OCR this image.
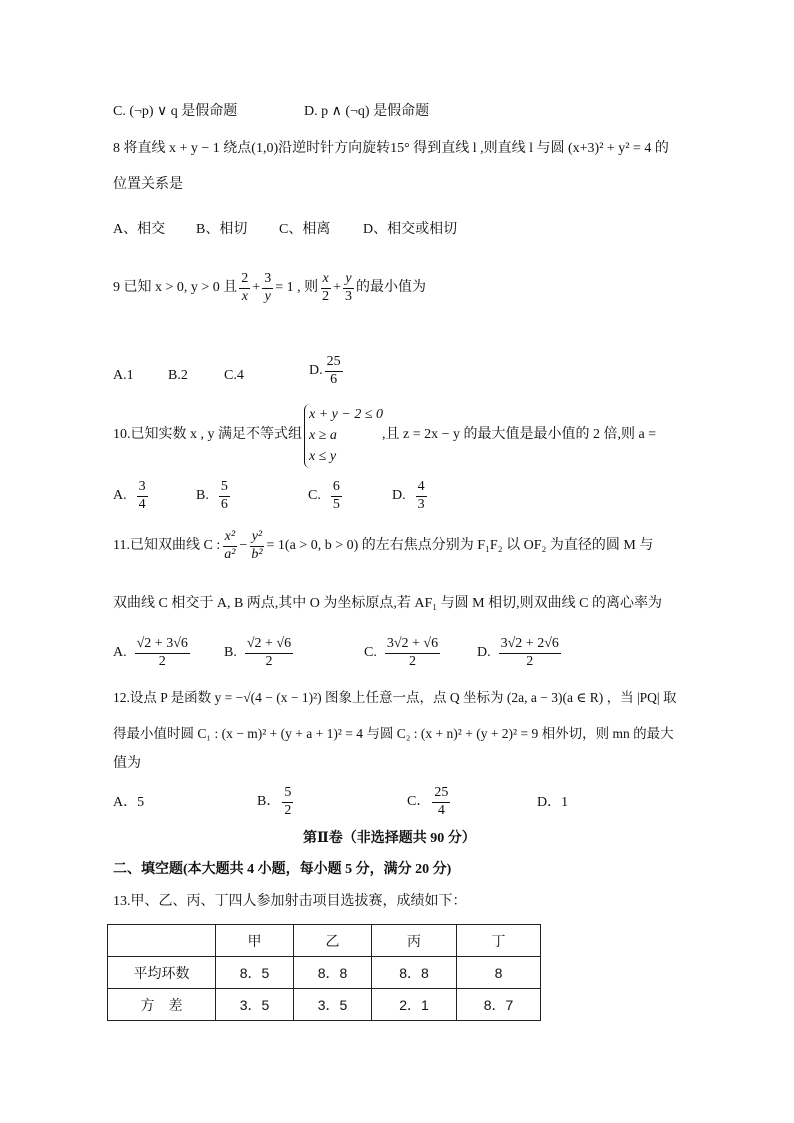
C. (¬p) ∨ q 是假命题	D. p ∧ (¬q) 是假命题
8 将直线 x + y − 1 绕点(1,0)沿逆时针方向旋转15° 得到直线 l ,则直线 l 与圆 (x+3)² + y² = 4 的
位置关系是
A、相交 B、相切 C、相离 D、相交或相切
9 已知 x > 0, y > 0 且 $\frac{2}{x} + \frac{3}{y} = 1$ , 则 $\frac{x}{2} + \frac{y}{3}$ 的最小值为
A.1 B.2	C.4	D. $\frac{25}{6}$
10.已知实数 x , y 满足不等式组
x + y − 2 ≤ 0
x ≥ a
x ≤ y
,且 z = 2x − y 的最大值是最小值的 2 倍,则 a =
A. $\frac{3}{4}$	B. $\frac{5}{6}$	C. $\frac{6}{5}$	D. $\frac{4}{3}$
11.已知双曲线 C : $\frac{\text{x²}}{\text{a²}} - \frac{\text{y²}}{\text{b²}} = 1(a > 0$, b > 0) 的左右焦点分别为 F₁F₂ 以 OF₂ 为直径的圆 M 与
双曲线 C 相交于 A, B 两点,其中 O 为坐标原点,若 AF₁ 与圆 M 相切,则双曲线 C 的离心率为
A. $\frac{√2 + 3√6}{2} B$. $\frac{√2 + √6}{2}$	C. $\frac{3√2 + √6}{2}$	D. $\frac{3√2 + 2√6}{2}$
12.设点 P 是函数 y = −√(4 − (x − 1)²) 图象上任意一点，点 Q 坐标为 (2a, a − 3)(a ∈ R) ，当 |PQ| 取
得最小值时圆 C₁ : (x − m)² + (y + a + 1)² = 4 与圆 C₂ : (x + n)² + (y + 2)² = 9 相外切，则 mn 的最大
值为
A．5	B． $\frac{5}{2}$	C． $\frac{25}{4}$	D．1
第Ⅱ卷（非选择题共 90 分）
二、填空题(本大题共 4 小题，每小题 5 分，满分 20 分)
13.甲、乙、丙、丁四人参加射击项目选拔赛，成绩如下：
	甲	乙	丙	丁
平均环数	8．5	8．8	8．8	8
方　差	3．5	3．5	2．1	8．7
